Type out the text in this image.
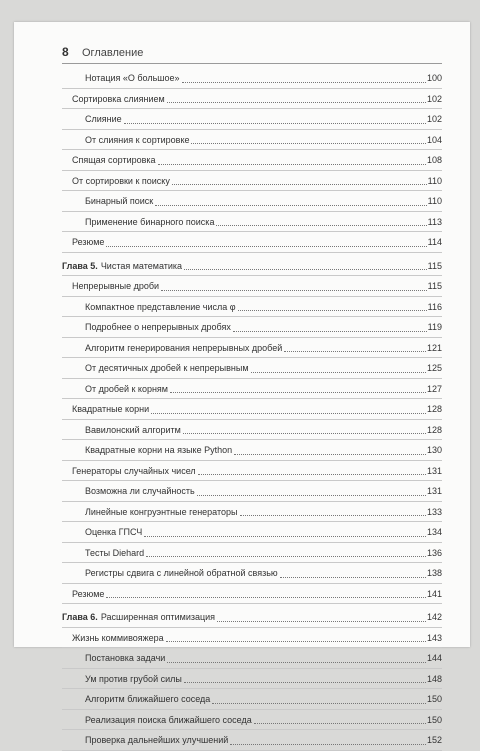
8	Оглавление
Нотация «О большое»	100
Сортировка слиянием	102
Слияние	102
От слияния к сортировке	104
Спящая сортировка	108
От сортировки к поиску	110
Бинарный поиск	110
Применение бинарного поиска	113
Резюме	114
Глава 5. Чистая математика	115
Непрерывные дроби	115
Компактное представление числа φ	116
Подробнее о непрерывных дробях	119
Алгоритм генерирования непрерывных дробей	121
От десятичных дробей к непрерывным	125
От дробей к корням	127
Квадратные корни	128
Вавилонский алгоритм	128
Квадратные корни на языке Python	130
Генераторы случайных чисел	131
Возможна ли случайность	131
Линейные конгруэнтные генераторы	133
Оценка ГПСЧ	134
Тесты Diehard	136
Регистры сдвига с линейной обратной связью	138
Резюме	141
Глава 6. Расширенная оптимизация	142
Жизнь коммивояжера	143
Постановка задачи	144
Ум против грубой силы	148
Алгоритм ближайшего соседа	150
Реализация поиска ближайшего соседа	150
Проверка дальнейших улучшений	152
